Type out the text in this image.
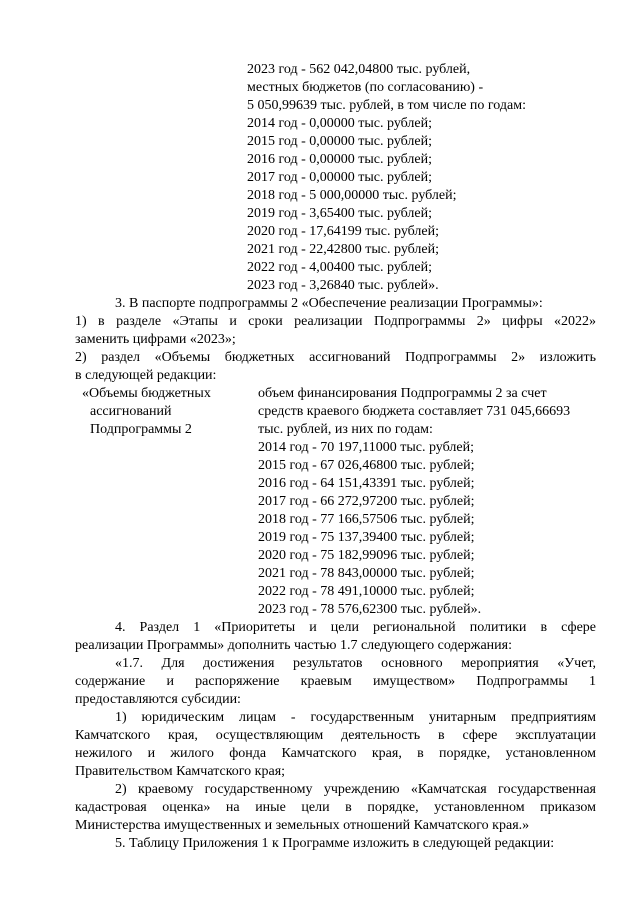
2023 год - 562 042,04800 тыс. рублей,
местных бюджетов (по согласованию) -
5 050,99639 тыс. рублей, в том числе по годам:
2014 год - 0,00000 тыс. рублей;
2015 год - 0,00000 тыс. рублей;
2016 год - 0,00000 тыс. рублей;
2017 год - 0,00000 тыс. рублей;
2018 год - 5 000,00000 тыс. рублей;
2019 год - 3,65400 тыс. рублей;
2020 год - 17,64199 тыс. рублей;
2021 год - 22,42800 тыс. рублей;
2022 год - 4,00400 тыс. рублей;
2023 год - 3,26840 тыс. рублей».
3. В паспорте подпрограммы 2 «Обеспечение реализации Программы»:
1) в разделе «Этапы и сроки реализации Подпрограммы 2» цифры «2022»
заменить цифрами «2023»;
2) раздел «Объемы бюджетных ассигнований Подпрограммы 2» изложить
в следующей редакции:
«Объемы бюджетных
ассигнований
Подпрограммы 2
объем финансирования Подпрограммы 2 за счет
средств краевого бюджета составляет 731 045,66693
тыс. рублей, из них по годам:
2014 год - 70 197,11000 тыс. рублей;
2015 год - 67 026,46800 тыс. рублей;
2016 год - 64 151,43391 тыс. рублей;
2017 год - 66 272,97200 тыс. рублей;
2018 год - 77 166,57506 тыс. рублей;
2019 год - 75 137,39400 тыс. рублей;
2020 год - 75 182,99096 тыс. рублей;
2021 год - 78 843,00000 тыс. рублей;
2022 год - 78 491,10000 тыс. рублей;
2023 год - 78 576,62300 тыс. рублей».
4. Раздел 1 «Приоритеты и цели региональной политики в сфере
реализации Программы» дополнить частью 1.7 следующего содержания:
«1.7. Для достижения результатов основного мероприятия «Учет,
содержание и распоряжение краевым имуществом» Подпрограммы 1
предоставляются субсидии:
1) юридическим лицам - государственным унитарным предприятиям
Камчатского края, осуществляющим деятельность в сфере эксплуатации
нежилого и жилого фонда Камчатского края, в порядке, установленном
Правительством Камчатского края;
2) краевому государственному учреждению «Камчатская государственная
кадастровая оценка» на иные цели в порядке, установленном приказом
Министерства имущественных и земельных отношений Камчатского края.»
5. Таблицу Приложения 1 к Программе изложить в следующей редакции:
